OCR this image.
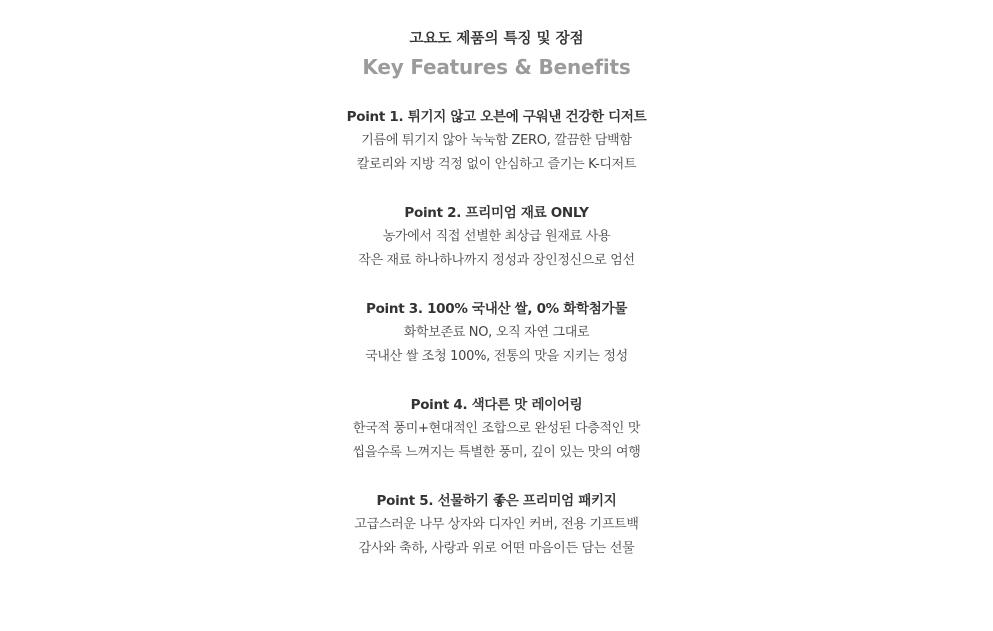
고요도 제품의 특징 및 장점
Key Features & Benefits
Point 1. 튀기지 않고 오븐에 구워낸 건강한 디저트
기름에 튀기지 않아 눅눅함 ZERO, 깔끔한 담백함
칼로리와 지방 걱정 없이 안심하고 즐기는 K-디저트
Point 2. 프리미엄 재료 ONLY
농가에서 직접 선별한 최상급 원재료 사용
작은 재료 하나하나까지 정성과 장인정신으로 엄선
Point 3. 100% 국내산 쌀, 0% 화학첨가물
화학보존료 NO, 오직 자연 그대로
국내산 쌀 조청 100%, 전통의 맛을 지키는 정성
Point 4. 색다른 맛 레이어링
한국적 풍미+현대적인 조합으로 완성된 다층적인 맛
씹을수록 느껴지는 특별한 풍미, 깊이 있는 맛의 여행
Point 5. 선물하기 좋은 프리미엄 패키지
고급스러운 나무 상자와 디자인 커버, 전용 기프트백
감사와 축하, 사랑과 위로 어떤 마음이든 담는 선물
